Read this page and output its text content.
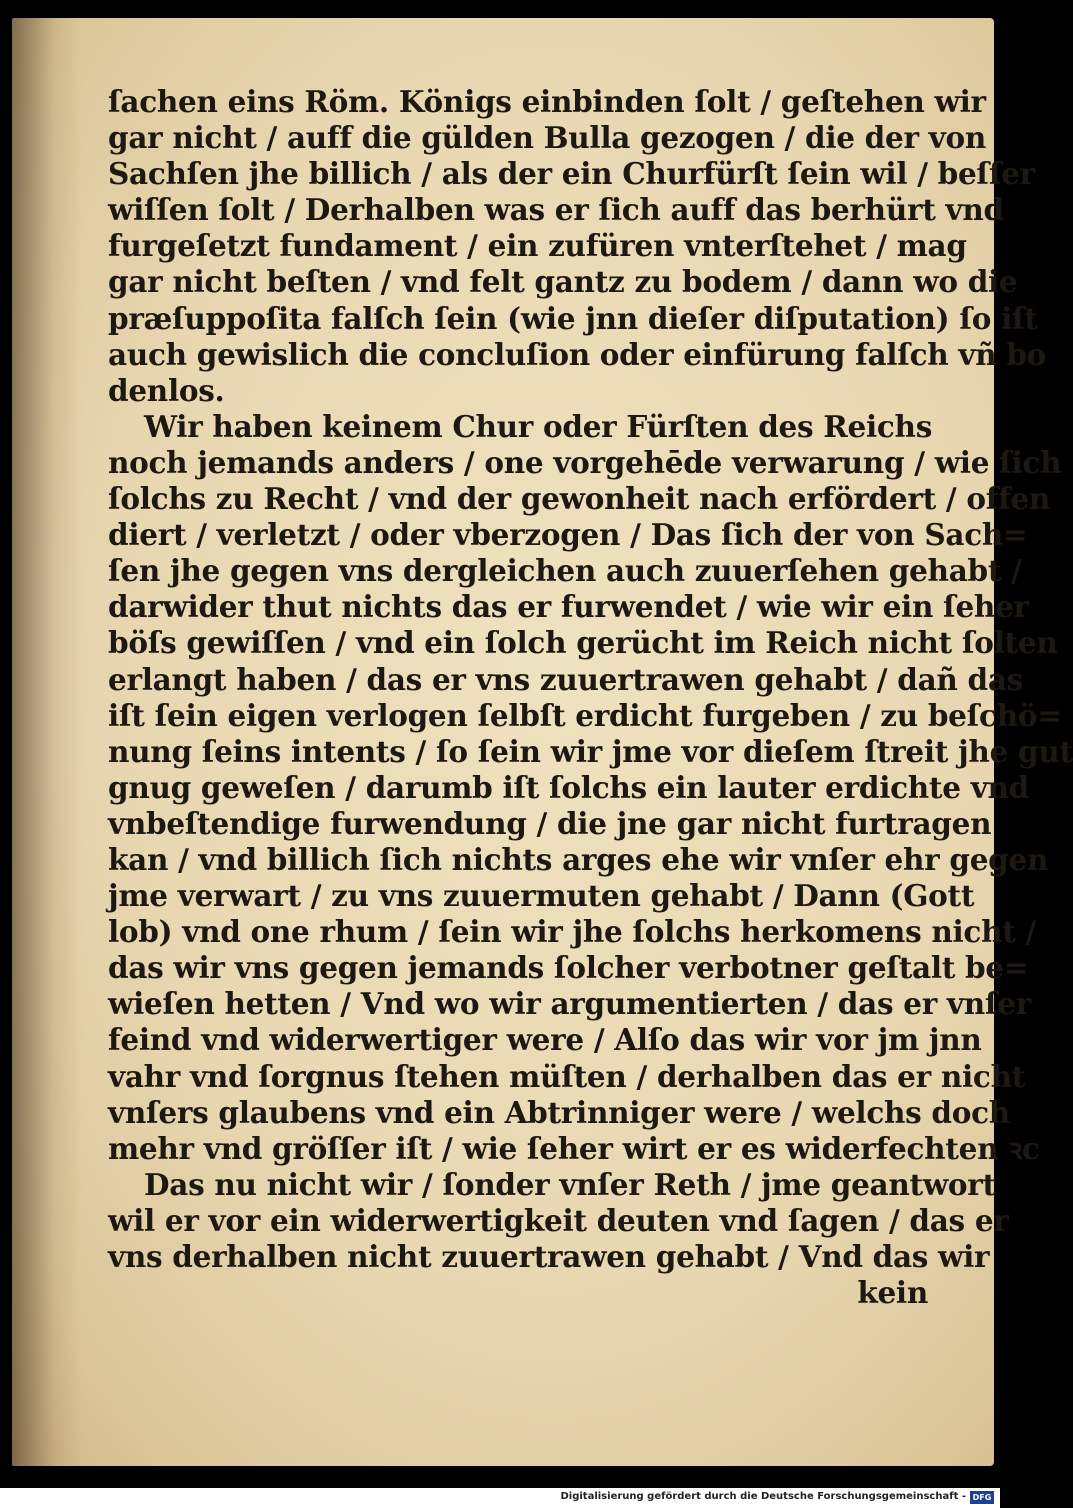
ſachen eins Röm. Königs einbinden ſolt / geſtehen wir
gar nicht / auff die gülden Bulla gezogen / die der von
Sachſen jhe billich / als der ein Churfürſt ſein wil / beſſer
wiſſen ſolt / Derhalben was er ſich auff das berhürt vnd
furgeſetzt fundament / ein zufüren vnterſtehet / mag
gar nicht beſten / vnd felt gantz zu bodem / dann wo die
præſuppoſita falſch ſein (wie jnn dieſer diſputation) ſo iſt
auch gewislich die concluſion oder einfürung falſch vñ bo
denlos.
Wir haben keinem Chur oder Fürſten des Reichs
noch jemands anders / one vorgehēde verwarung / wie ſich
ſolchs zu Recht / vnd der gewonheit nach erfördert / offen
diert / verletzt / oder vberzogen / Das ſich der von Sach=
ſen jhe gegen vns dergleichen auch zuuerſehen gehabt /
darwider thut nichts das er furwendet / wie wir ein ſeher
böſs gewiſſen / vnd ein ſolch gerücht im Reich nicht ſolten
erlangt haben / das er vns zuuertrawen gehabt / dañ das
iſt ſein eigen verlogen ſelbſt erdicht furgeben / zu beſchö=
nung ſeins intents / ſo ſein wir jme vor dieſem ſtreit jhe gut
gnug geweſen / darumb iſt ſolchs ein lauter erdichte vnd
vnbeſtendige furwendung / die jne gar nicht furtragen
kan / vnd billich ſich nichts arges ehe wir vnſer ehr gegen
jme verwart / zu vns zuuermuten gehabt / Dann (Gott
lob) vnd one rhum / ſein wir jhe ſolchs herkomens nicht /
das wir vns gegen jemands ſolcher verbotner geſtalt be=
wieſen hetten / Vnd wo wir argumentierten / das er vnſer
feind vnd widerwertiger were / Alſo das wir vor jm jnn
vahr vnd ſorgnus ſtehen müſten / derhalben das er nicht
vnſers glaubens vnd ein Abtrinniger were / welchs doch
mehr vnd gröſſer iſt / wie ſeher wirt er es widerfechten ꝛc
Das nu nicht wir / ſonder vnſer Reth / jme geantwort
wil er vor ein widerwertigkeit deuten vnd ſagen / das er
vns derhalben nicht zuuertrawen gehabt / Vnd das wir
kein
Digitalisierung gefördert durch die Deutsche Forschungsgemeinschaft - DFG
